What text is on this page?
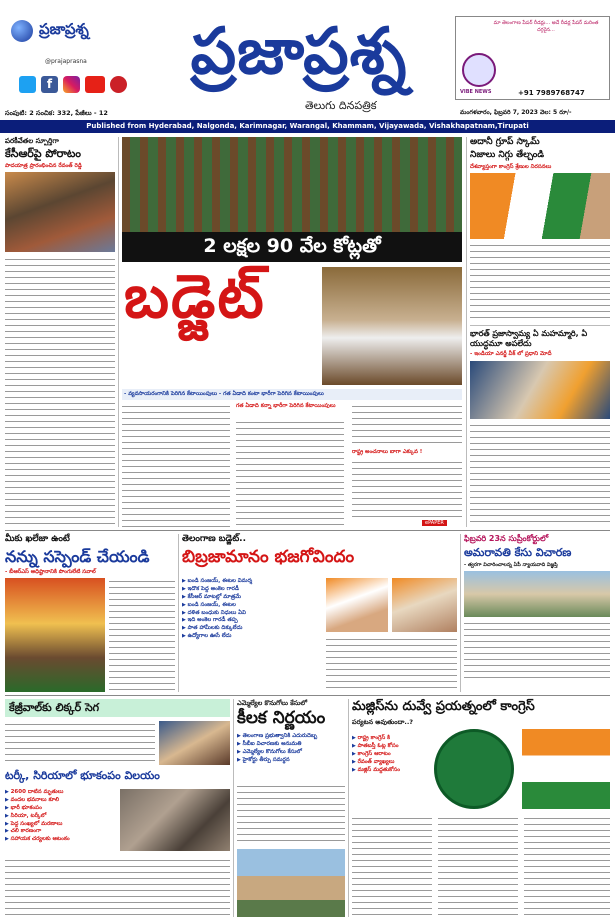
ప్రజాప్రశ్న
f
@prajaprasna	ప్రజాప్రశ్న
తెలుగు దినపత్రిక
మా తెలంగాణ పేపర్ రీడర్లు... అదే రీడర్ల పేపర్ మరింత దగ్గరైన...
VIBE NEWS	+91 7989768747
సంపుటి: 2 సంచిక: 332, పేజీలు - 12	మంగళవారం, ఫిబ్రవరి 7, 2023 వెల: 5 రూ/-
Published from Hyderabad, Nalgonda, Karimnagar, Warangal, Khammam, Vijayawada, Vishakhapatnam,Tirupati
పరకీవేతల స్పూర్తిగా
కేసీఆర్‌పై పోరాటం
పాదయాత్ర ప్రారంభించిన రేవంత్ రెడ్డి
2 లక్షల 90 వేల కోట్లతో
బడ్జెట్
- వ్యవసాయరంగానికి పెరిగిన కేటాయింపులు - గత ఏడాది కంటా భారీగా పెరిగిన కేటాయింపులు
గత ఏడాది కన్నా భారీగా పెరిగిన కేటాయింపులు
రాష్ట్ర అంచనాలు బాగా ఎక్కువ !
ePAPER
అదానీ గ్రూప్ స్కామ్
నిజాలు నిగ్గు తేల్చండి
దేశవ్యాప్తంగా కాంగ్రెస్ శ్రేణుల నిరసనలు
భారత్ ప్రజాస్వామ్య ఏ మహమ్మారి, ఏ యుద్ధమూ అపలేదు
- ఇండియా ఎనర్జీ వీక్ లో ప్రధాని మోదీ
మీకు ఖలేజా ఉంటే
నన్ను సస్పెండ్ చేయండి
- బీఆర్ఎస్ అధిష్టానానికి పొంగులేటి సవాల్
తెలంగాణ బడ్జెట్..
బిబ్రజామానం భజగోవిందం
▶ బండి సంజయ్, ఈటల విమర్శ
▶ ఇదొక పెద్ద అంకెల గారడీ
▶ కేసీఆర్ మాటల్లో మాత్రమే
▶ బండి సంజయ్, ఈటల
▶ దళిత బంధుకు నిధులు ఏవి
▶ ఇది అంకెల గారడీ తప్ప
▶ పాత హామీలకు దిక్కులేదు
▶ ఉద్యోగాల ఊసే లేదు
ఫిబ్రవరి 23న సుప్రీంకోర్టులో
అమరావతి కేసు విచారణ
- త్వరగా విచారించాలన్న ఏపీ న్యాయవాది విజ్ఞప్తి
కేజ్రీవాల్‌కు లిక్కర్ సెగ
టర్కీ, సిరియాలో భూకంపం విలయం
▶ 2600 దాటిన మృతులు
▶ వందల భవనాలు కూలి
▶ భారీ భూకంపం
▶ సిరియా, టర్కీలో
▶ పెద్ద సంఖ్యలో మరణాలు
▶ చలి కారణంగా
▶ సహాయక చర్యలకు ఆటంకం
ఎమ్మెల్యేల కొనుగోలు కేసులో
కీలక నిర్ణయం
▶ తెలంగాణ ప్రభుత్వానికి ఎదురుదెబ్బ
▶ సీబీఐ విచారణకు అనుమతి
▶ ఎమ్మెల్యేల కొనుగోలు కేసులో
▶ హైకోర్టు తీర్పు సమర్థన
మజ్లిస్‌ను దువ్వే ప్రయత్నంలో కాంగ్రెస్
పర్యటన అవుతుందా..?
▶ రాష్ట్ర కాంగ్రెస్ కి
▶ పాతబస్తీ ఓట్ల కోసం
▶ కాంగ్రెస్ ఆరాటం
▶ రేవంత్ వ్యాఖ్యలు
▶ మజ్లిస్ మద్దతుకోసం
